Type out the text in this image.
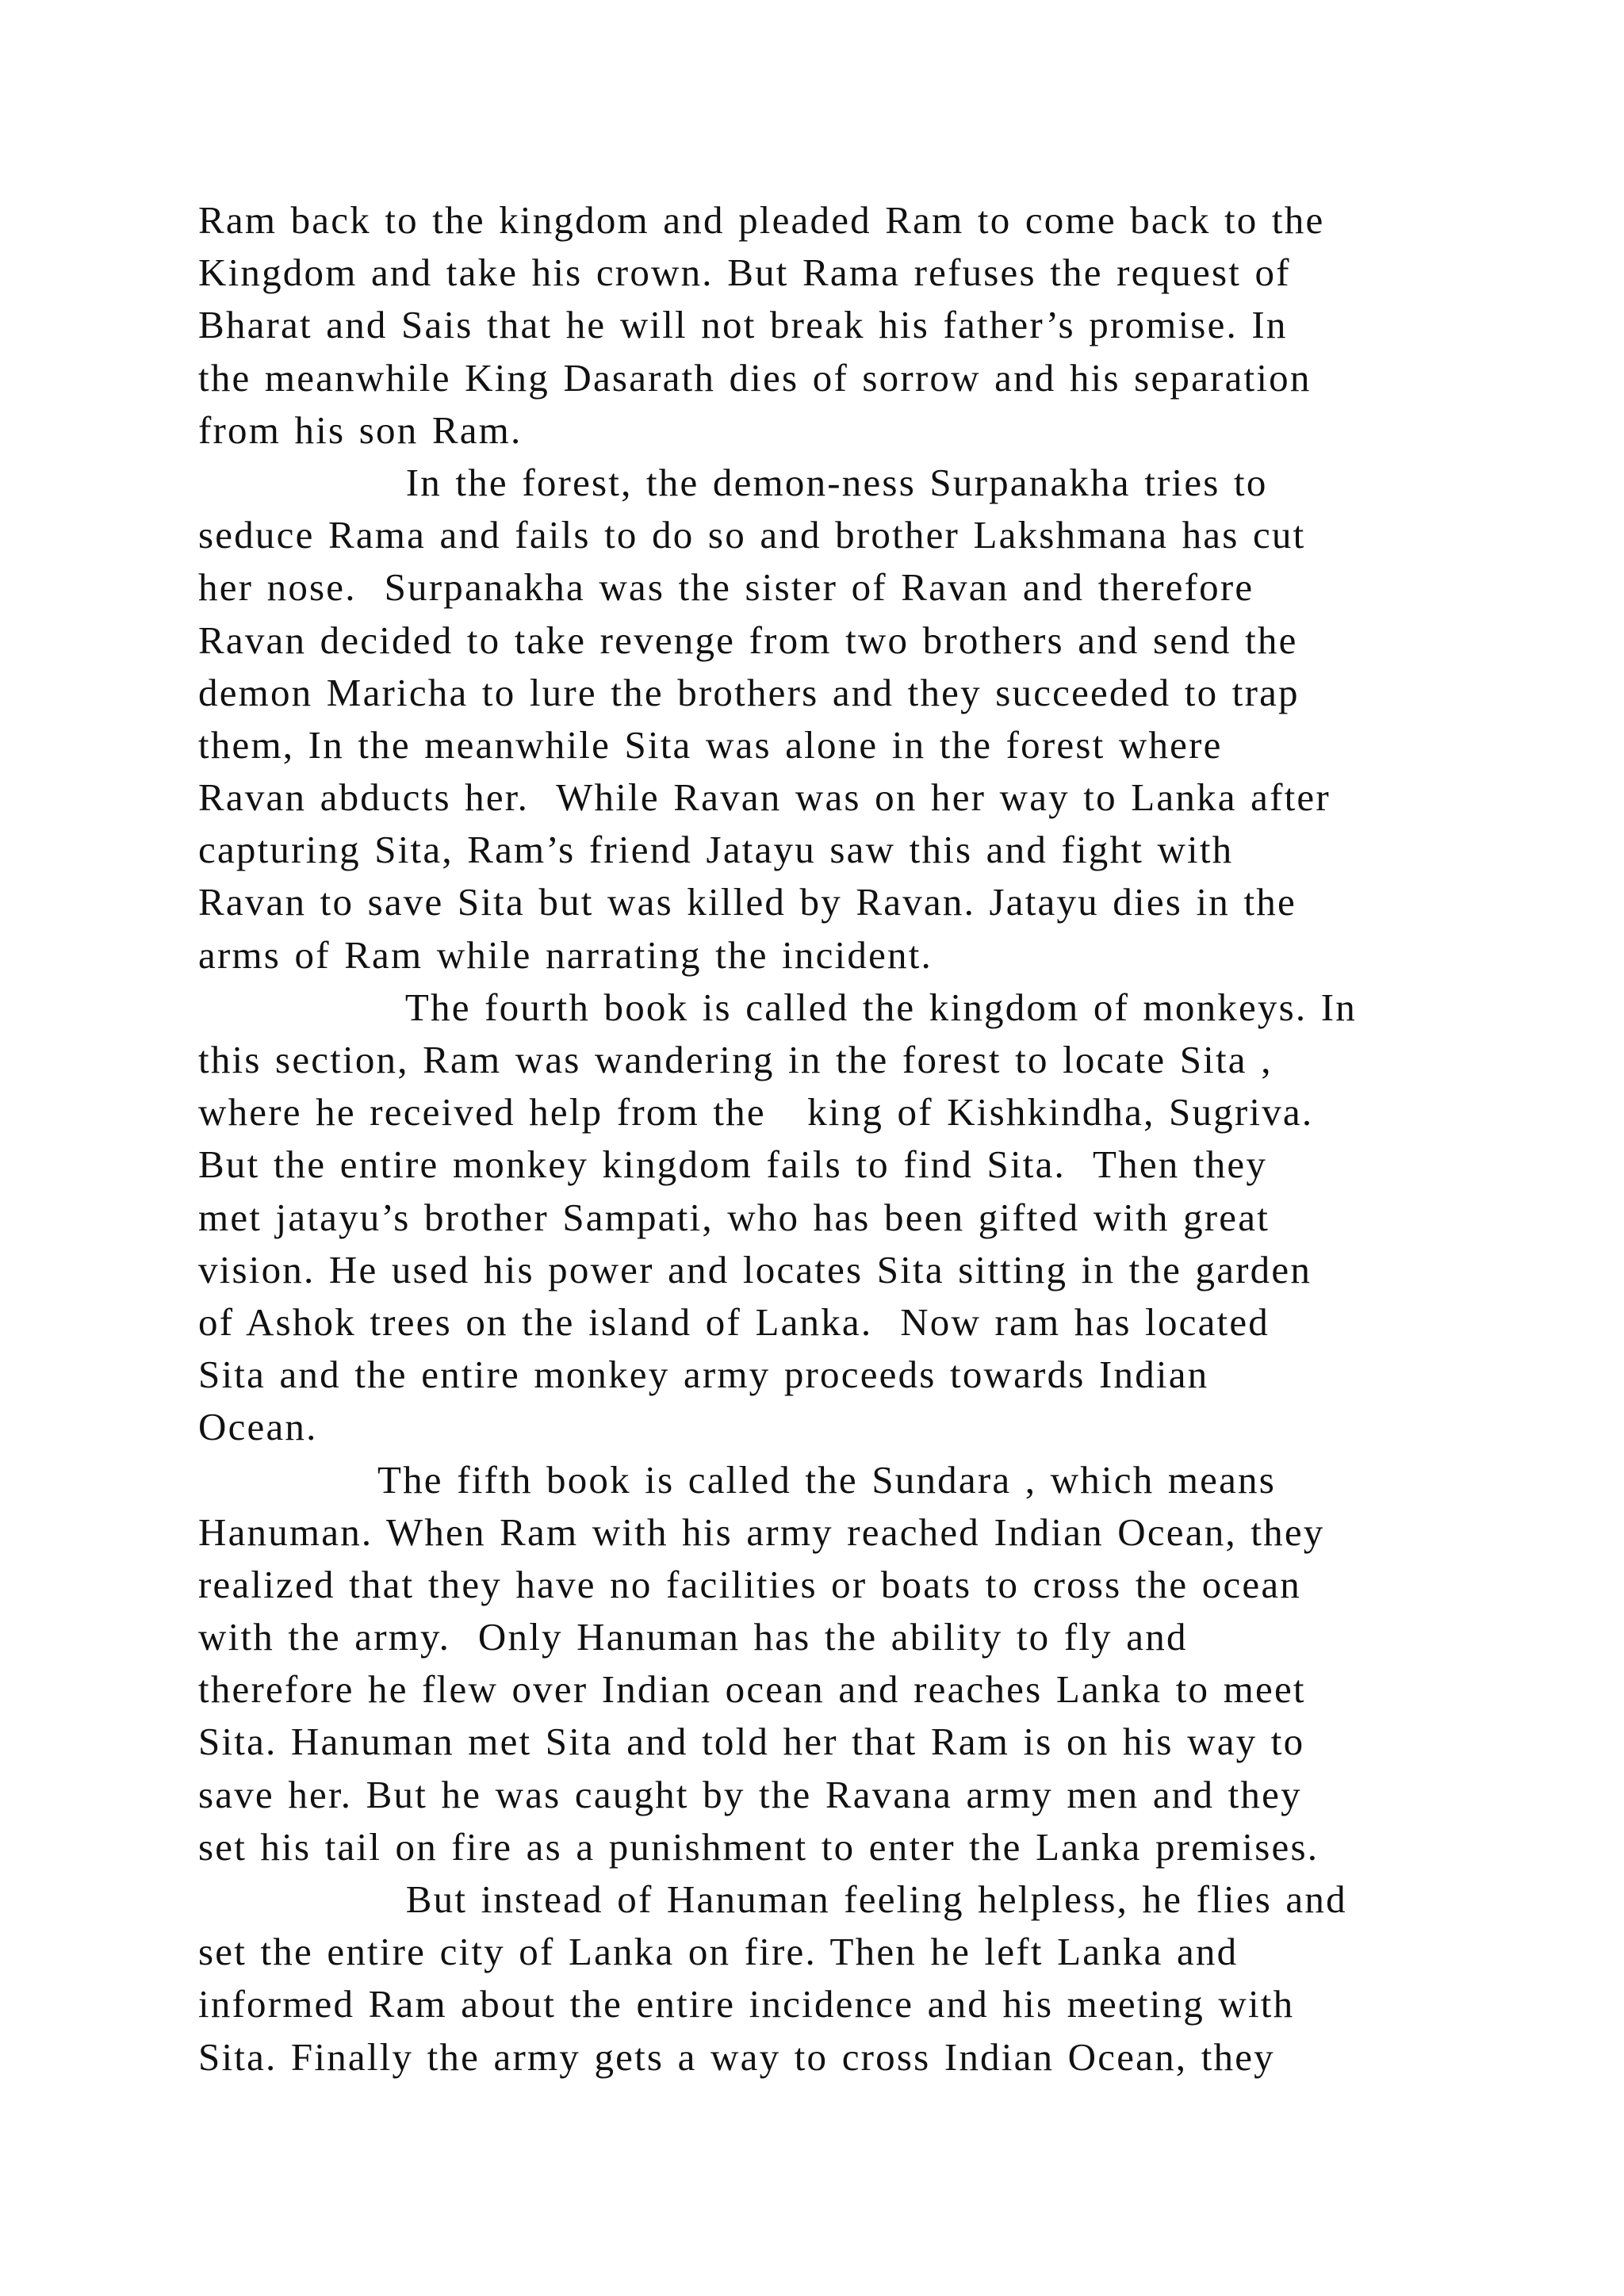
Ram back to the kingdom and pleaded Ram to come back to the
Kingdom and take his crown. But Rama refuses the request of
Bharat and Sais that he will not break his father’s promise. In
the meanwhile King Dasarath dies of sorrow and his separation
from his son Ram.
In the forest, the demon-ness Surpanakha tries to
seduce Rama and fails to do so and brother Lakshmana has cut
her nose.  Surpanakha was the sister of Ravan and therefore
Ravan decided to take revenge from two brothers and send the
demon Maricha to lure the brothers and they succeeded to trap
them, In the meanwhile Sita was alone in the forest where
Ravan abducts her.  While Ravan was on her way to Lanka after
capturing Sita, Ram’s friend Jatayu saw this and fight with
Ravan to save Sita but was killed by Ravan. Jatayu dies in the
arms of Ram while narrating the incident.
The fourth book is called the kingdom of monkeys. In
this section, Ram was wandering in the forest to locate Sita ,
where he received help from the   king of Kishkindha, Sugriva.
But the entire monkey kingdom fails to find Sita.  Then they
met jatayu’s brother Sampati, who has been gifted with great
vision. He used his power and locates Sita sitting in the garden
of Ashok trees on the island of Lanka.  Now ram has located
Sita and the entire monkey army proceeds towards Indian
Ocean.
The fifth book is called the Sundara , which means
Hanuman. When Ram with his army reached Indian Ocean, they
realized that they have no facilities or boats to cross the ocean
with the army.  Only Hanuman has the ability to fly and
therefore he flew over Indian ocean and reaches Lanka to meet
Sita. Hanuman met Sita and told her that Ram is on his way to
save her. But he was caught by the Ravana army men and they
set his tail on fire as a punishment to enter the Lanka premises.
But instead of Hanuman feeling helpless, he flies and
set the entire city of Lanka on fire. Then he left Lanka and
informed Ram about the entire incidence and his meeting with
Sita. Finally the army gets a way to cross Indian Ocean, they
